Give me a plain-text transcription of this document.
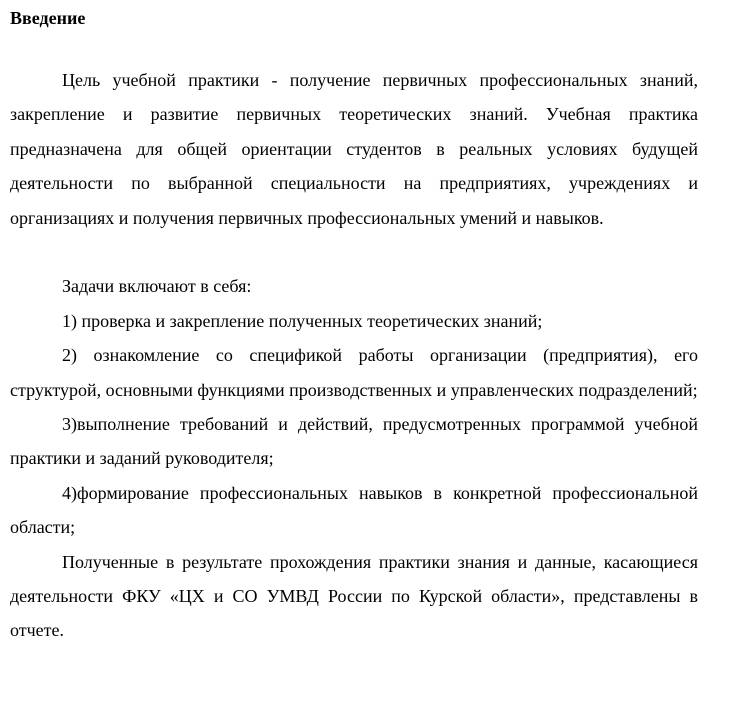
Введение

Цель учебной практики - получение первичных профессиональных знаний, закрепление и развитие первичных теоретических знаний. Учебная практика предназначена для общей ориентации студентов в реальных условиях будущей деятельности по выбранной специальности на предприятиях, учреждениях и организациях и получения первичных профессиональных умений и навыков.

Задачи включают в себя:

1) проверка и закрепление полученных теоретических знаний;

2) ознакомление со спецификой работы организации (предприятия), его структурой, основными функциями производственных и управленческих подразделений;

3)выполнение требований и действий, предусмотренных программой учебной практики и заданий руководителя;

4)формирование профессиональных навыков в конкретной профессиональной области;

Полученные в результате прохождения практики знания и данные, касающиеся деятельности ФКУ «ЦХ и СО УМВД России по Курской области», представлены в отчете.
